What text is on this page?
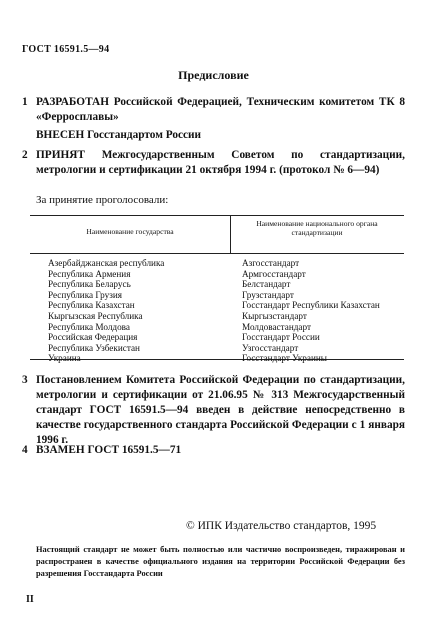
ГОСТ 16591.5—94
Предисловие
1 РАЗРАБОТАН Российской Федерацией, Техническим комитетом ТК 8 «Ферросплавы»
ВНЕСЕН Госстандартом России
2 ПРИНЯТ Межгосударственным Советом по стандартизации, метрологии и сертификации 21 октября 1994 г. (протокол № 6—94)
За принятие проголосовали:
Наименование государства
Наименование национального органа стандартизации
Азербайджанская республика
Республика Армения
Республика Беларусь
Республика Грузия
Республика Казахстан
Кыргызская Республика
Республика Молдова
Российская Федерация
Республика Узбекистан
Украина
Азгосстандарт
Армгосстандарт
Белстандарт
Грузстандарт
Госстандарт Республики Казахстан
Кыргызстандарт
Молдовастандарт
Госстандарт России
Узгосстандарт
Госстандарт Украины
3 Постановлением Комитета Российской Федерации по стандартизации, метрологии и сертификации от 21.06.95 № 313 Межгосударственный стандарт ГОСТ 16591.5—94 введен в действие непосредственно в качестве государственного стандарта Российской Федерации с 1 января 1996 г.
4 ВЗАМЕН ГОСТ 16591.5—71
© ИПК Издательство стандартов, 1995
Настоящий стандарт не может быть полностью или частично воспроизведен, тиражирован и распространен в качестве официального издания на территории Российской Федерации без разрешения Госстандарта России
II
